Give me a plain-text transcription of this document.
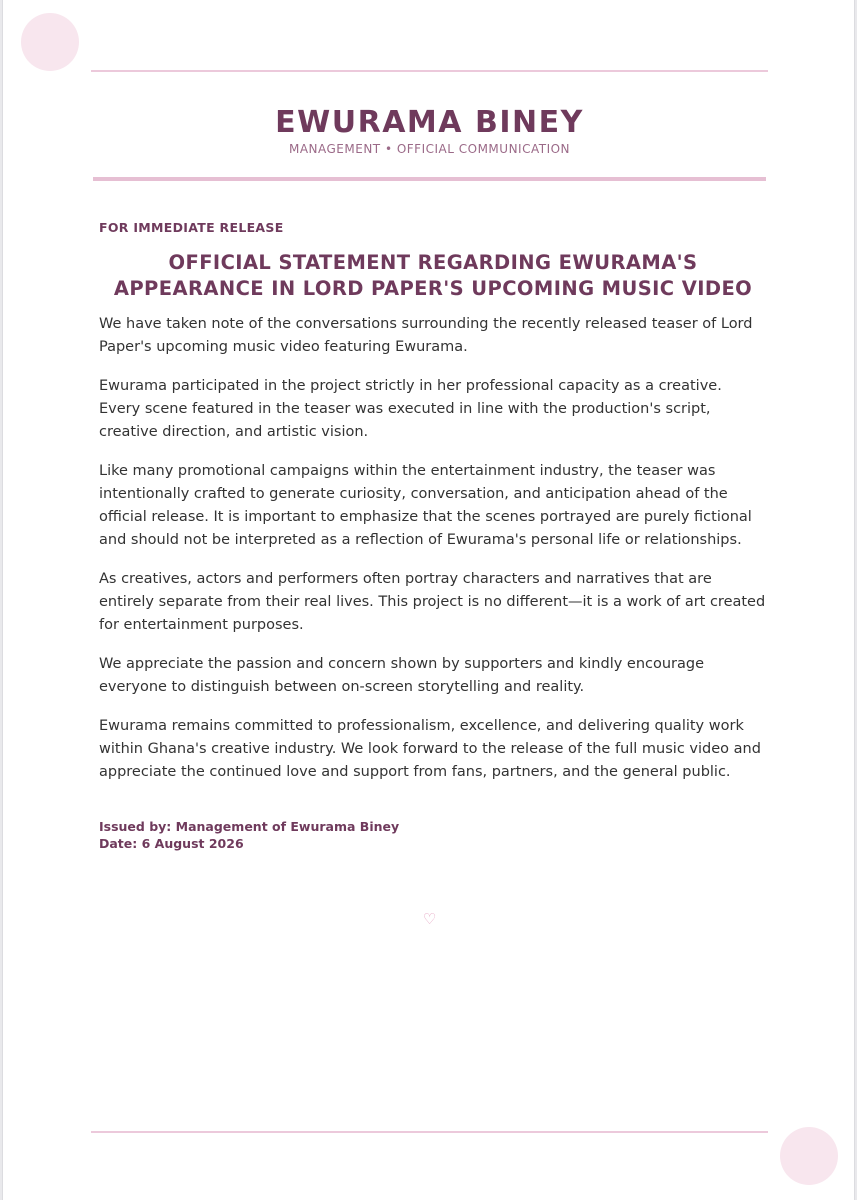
EWURAMA BINEY
MANAGEMENT • OFFICIAL COMMUNICATION
FOR IMMEDIATE RELEASE
OFFICIAL STATEMENT REGARDING EWURAMA'S APPEARANCE IN LORD PAPER'S UPCOMING MUSIC VIDEO

We have taken note of the conversations surrounding the recently released teaser of Lord Paper's upcoming music video featuring Ewurama.

Ewurama participated in the project strictly in her professional capacity as a creative. Every scene featured in the teaser was executed in line with the production's script, creative direction, and artistic vision.

Like many promotional campaigns within the entertainment industry, the teaser was intentionally crafted to generate curiosity, conversation, and anticipation ahead of the official release. It is important to emphasize that the scenes portrayed are purely fictional and should not be interpreted as a reflection of Ewurama's personal life or relationships.

As creatives, actors and performers often portray characters and narratives that are entirely separate from their real lives. This project is no different—it is a work of art created for entertainment purposes.

We appreciate the passion and concern shown by supporters and kindly encourage everyone to distinguish between on-screen storytelling and reality.

Ewurama remains committed to professionalism, excellence, and delivering quality work within Ghana's creative industry. We look forward to the release of the full music video and appreciate the continued love and support from fans, partners, and the general public.

Issued by: Management of Ewurama Biney
Date: 6 August 2026
♡
